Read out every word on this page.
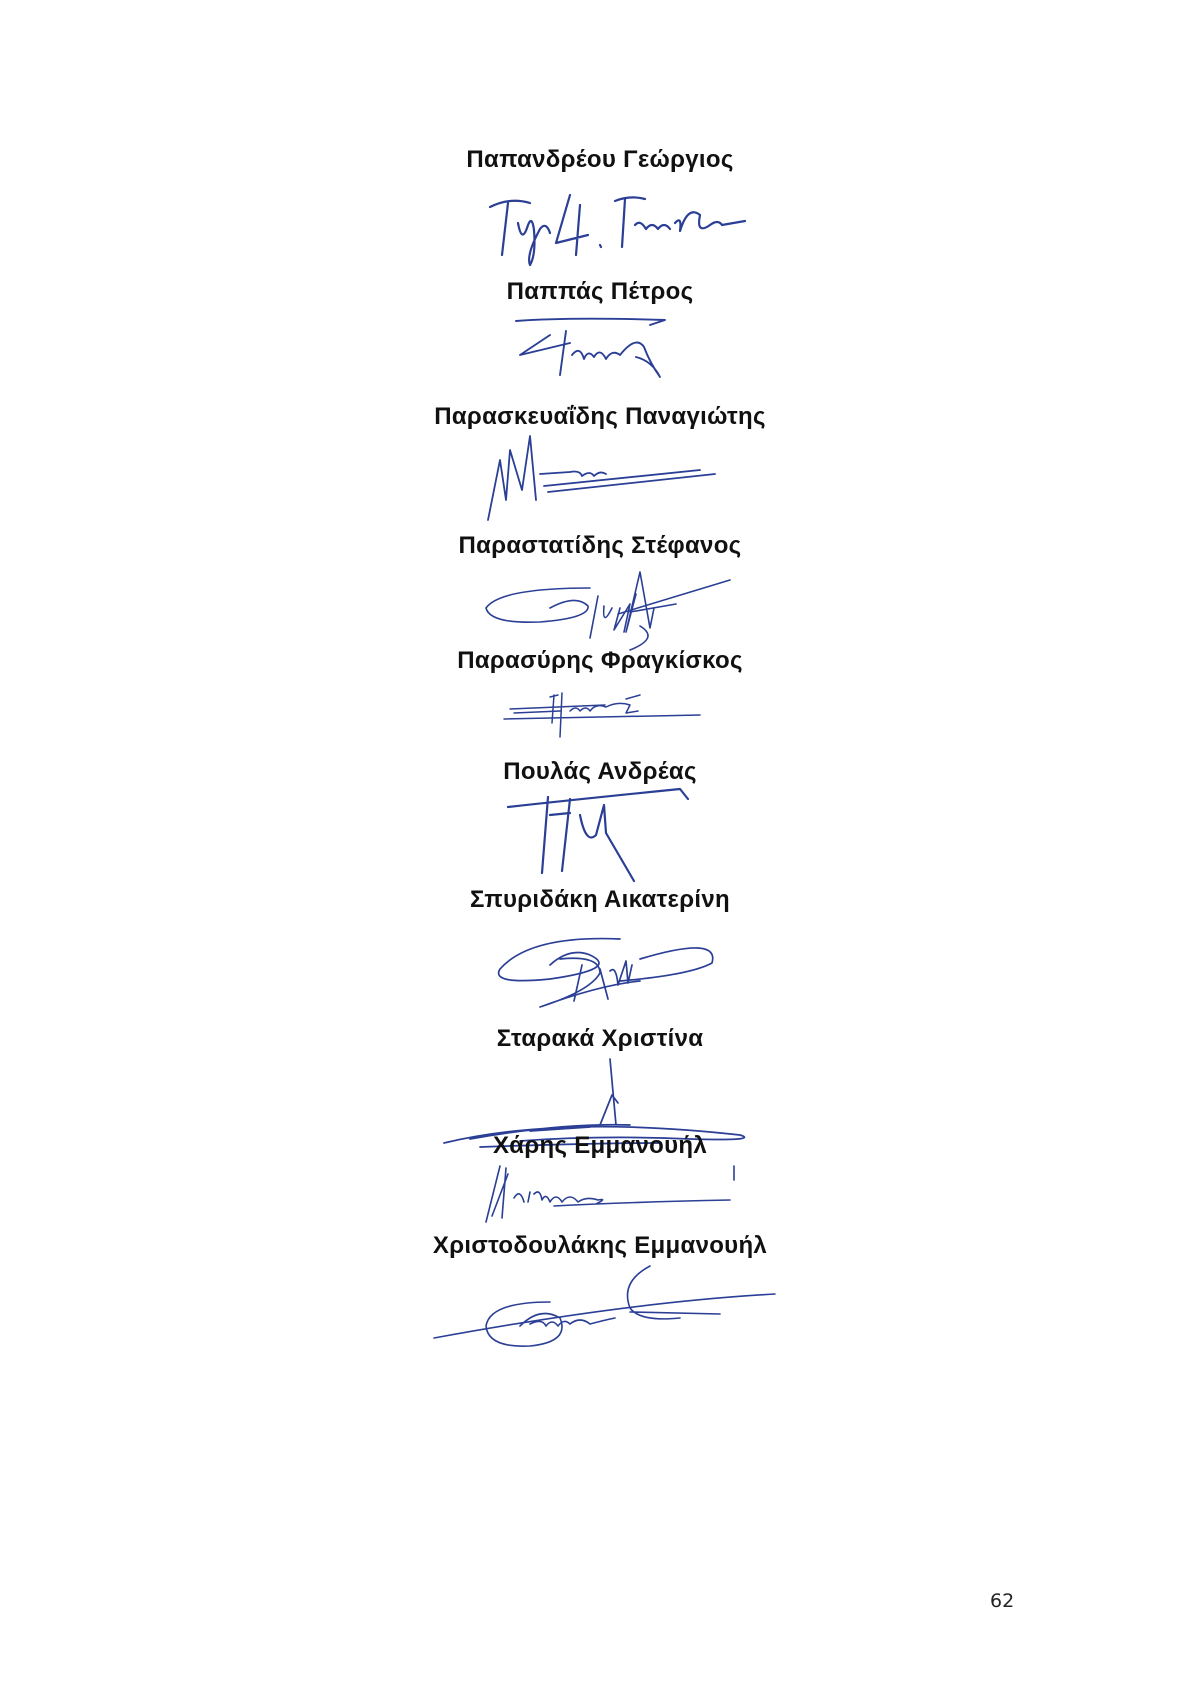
Παπανδρέου Γεώργιος
Παππάς Πέτρος
Παρασκευαΐδης Παναγιώτης
Παραστατίδης Στέφανος
Παρασύρης Φραγκίσκος
Πουλάς Ανδρέας
Σπυριδάκη Αικατερίνη
Σταρακά Χριστίνα
Χάρης Εμμανουήλ
Χριστοδουλάκης Εμμανουήλ
62
